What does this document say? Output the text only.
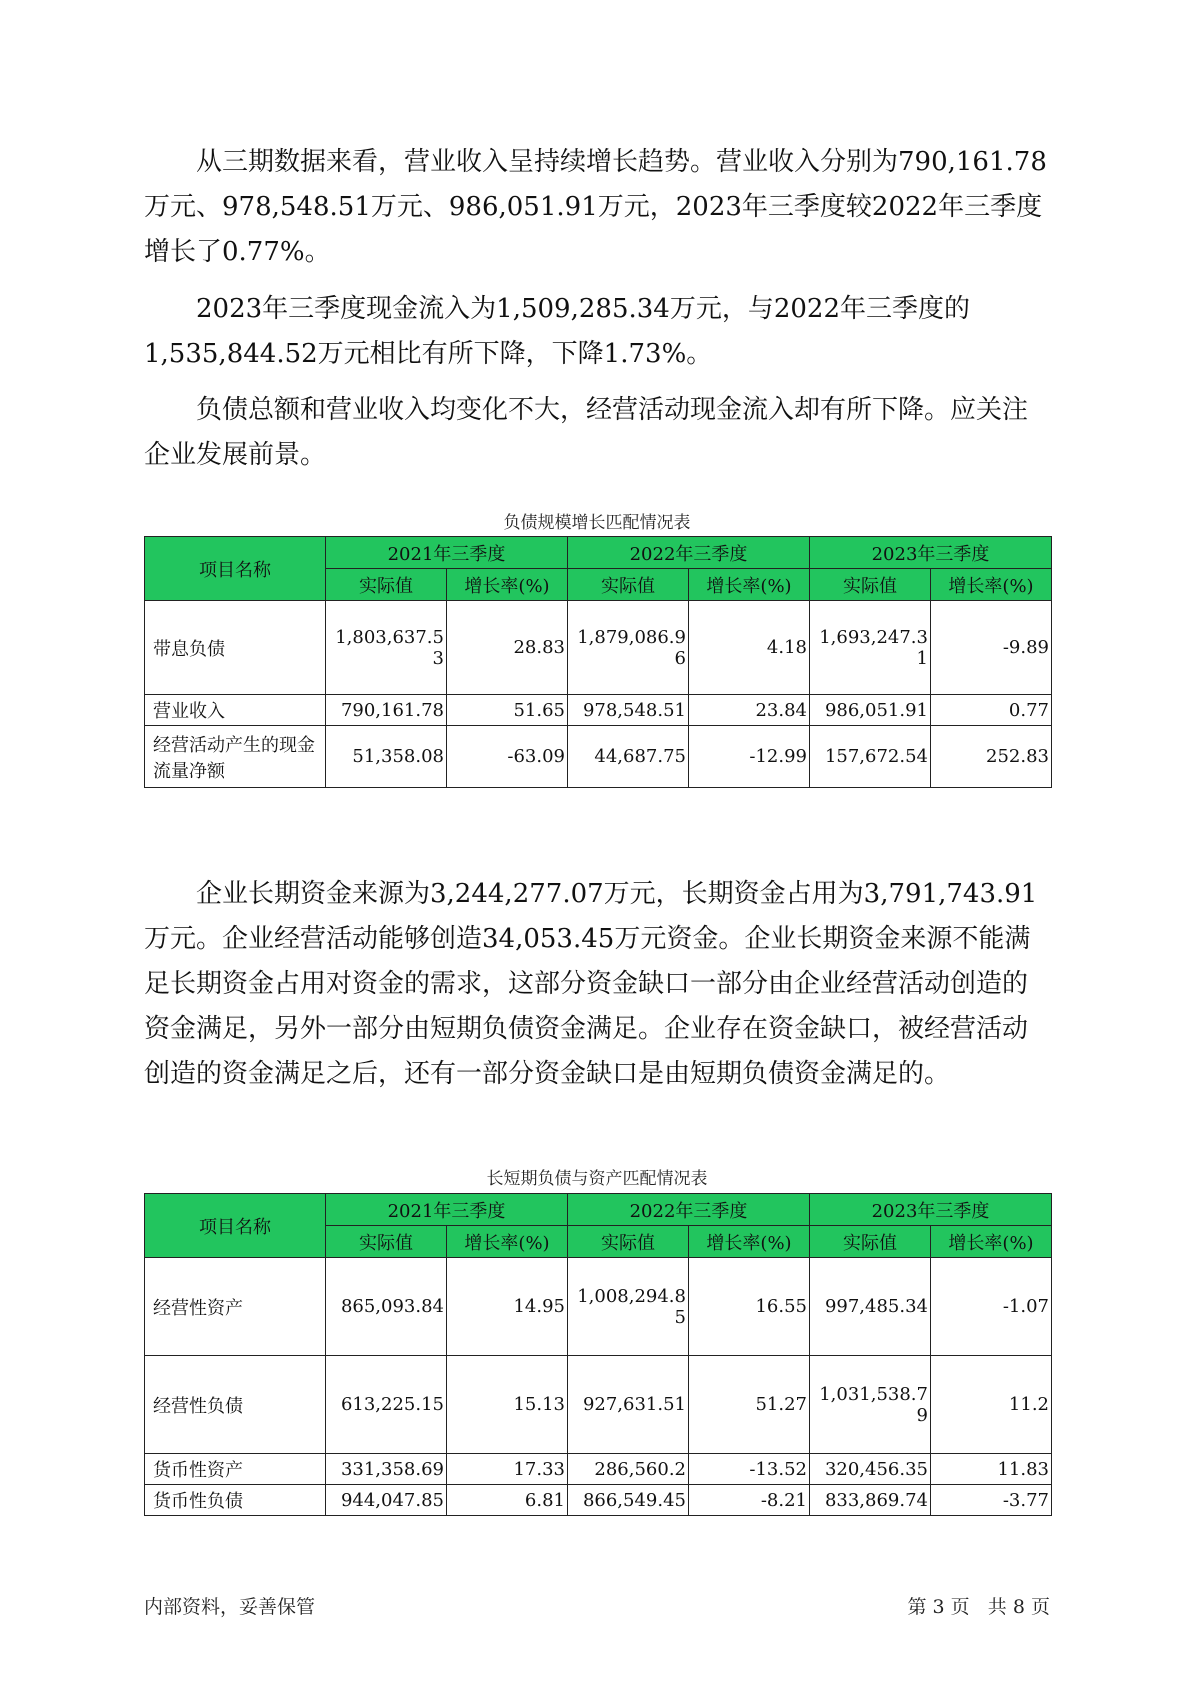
从三期数据来看，营业收入呈持续增长趋势。营业收入分别为790,161.78万元、978,548.51万元、986,051.91万元，2023年三季度较2022年三季度增长了0.77%。

2023年三季度现金流入为1,509,285.34万元，与2022年三季度的1,535,844.52万元相比有所下降，下降1.73%。

负债总额和营业收入均变化不大，经营活动现金流入却有所下降。应关注企业发展前景。

负债规模增长匹配情况表

项目名称	2021年三季度		2022年三季度		2023年三季度	
	实际值	增长率(%)	实际值	增长率(%)	实际值	增长率(%)
带息负债	1,803,637.53	28.83	1,879,086.96	4.18	1,693,247.31	-9.89
营业收入	790,161.78	51.65	978,548.51	23.84	986,051.91	0.77
经营活动产生的现金流量净额	51,358.08	-63.09	44,687.75	-12.99	157,672.54	252.83

企业长期资金来源为3,244,277.07万元，长期资金占用为3,791,743.91万元。企业经营活动能够创造34,053.45万元资金。企业长期资金来源不能满足长期资金占用对资金的需求，这部分资金缺口一部分由企业经营活动创造的资金满足，另外一部分由短期负债资金满足。企业存在资金缺口，被经营活动创造的资金满足之后，还有一部分资金缺口是由短期负债资金满足的。

长短期负债与资产匹配情况表

项目名称	2021年三季度		2022年三季度		2023年三季度	
	实际值	增长率(%)	实际值	增长率(%)	实际值	增长率(%)
经营性资产	865,093.84	14.95	1,008,294.85	16.55	997,485.34	-1.07
经营性负债	613,225.15	15.13	927,631.51	51.27	1,031,538.79	11.2
货币性资产	331,358.69	17.33	286,560.2	-13.52	320,456.35	11.83
货币性负债	944,047.85	6.81	866,549.45	-8.21	833,869.74	-3.77
内部资料，妥善保管	第 3 页 共 8 页
